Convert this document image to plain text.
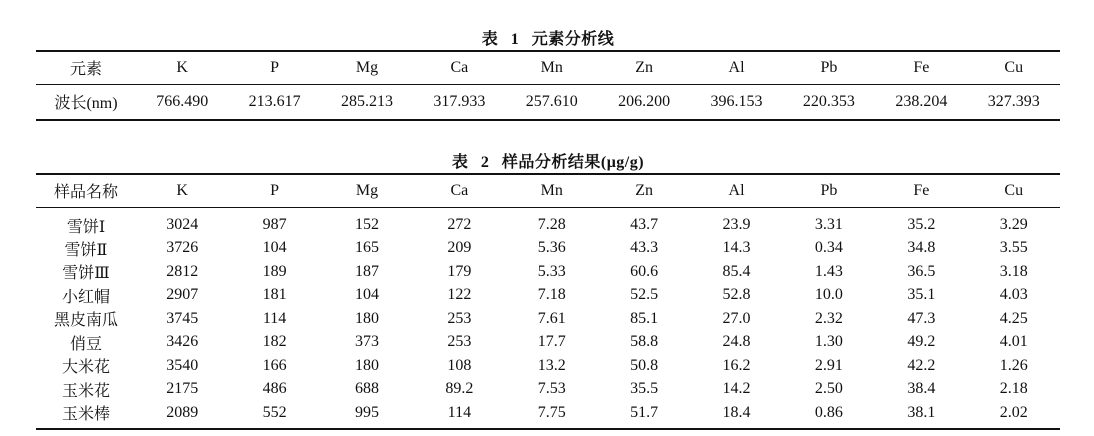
表 1 元素分析线
元素	K	P	Mg	Ca	Mn	Zn	Al	Pb	Fe	Cu
波长(nm)	766.490	213.617	285.213	317.933	257.610	206.200	396.153	220.353	238.204	327.393
表 2 样品分析结果(μg/g)
样品名称	K	P	Mg	Ca	Mn	Zn	Al	Pb	Fe	Cu
雪饼Ⅰ	3024	987	152	272	7.28	43.7	23.9	3.31	35.2	3.29
雪饼Ⅱ	3726	104	165	209	5.36	43.3	14.3	0.34	34.8	3.55
雪饼Ⅲ	2812	189	187	179	5.33	60.6	85.4	1.43	36.5	3.18
小红帽	2907	181	104	122	7.18	52.5	52.8	10.0	35.1	4.03
黑皮南瓜	3745	114	180	253	7.61	85.1	27.0	2.32	47.3	4.25
俏豆	3426	182	373	253	17.7	58.8	24.8	1.30	49.2	4.01
大米花	3540	166	180	108	13.2	50.8	16.2	2.91	42.2	1.26
玉米花	2175	486	688	89.2	7.53	35.5	14.2	2.50	38.4	2.18
玉米棒	2089	552	995	114	7.75	51.7	18.4	0.86	38.1	2.02
